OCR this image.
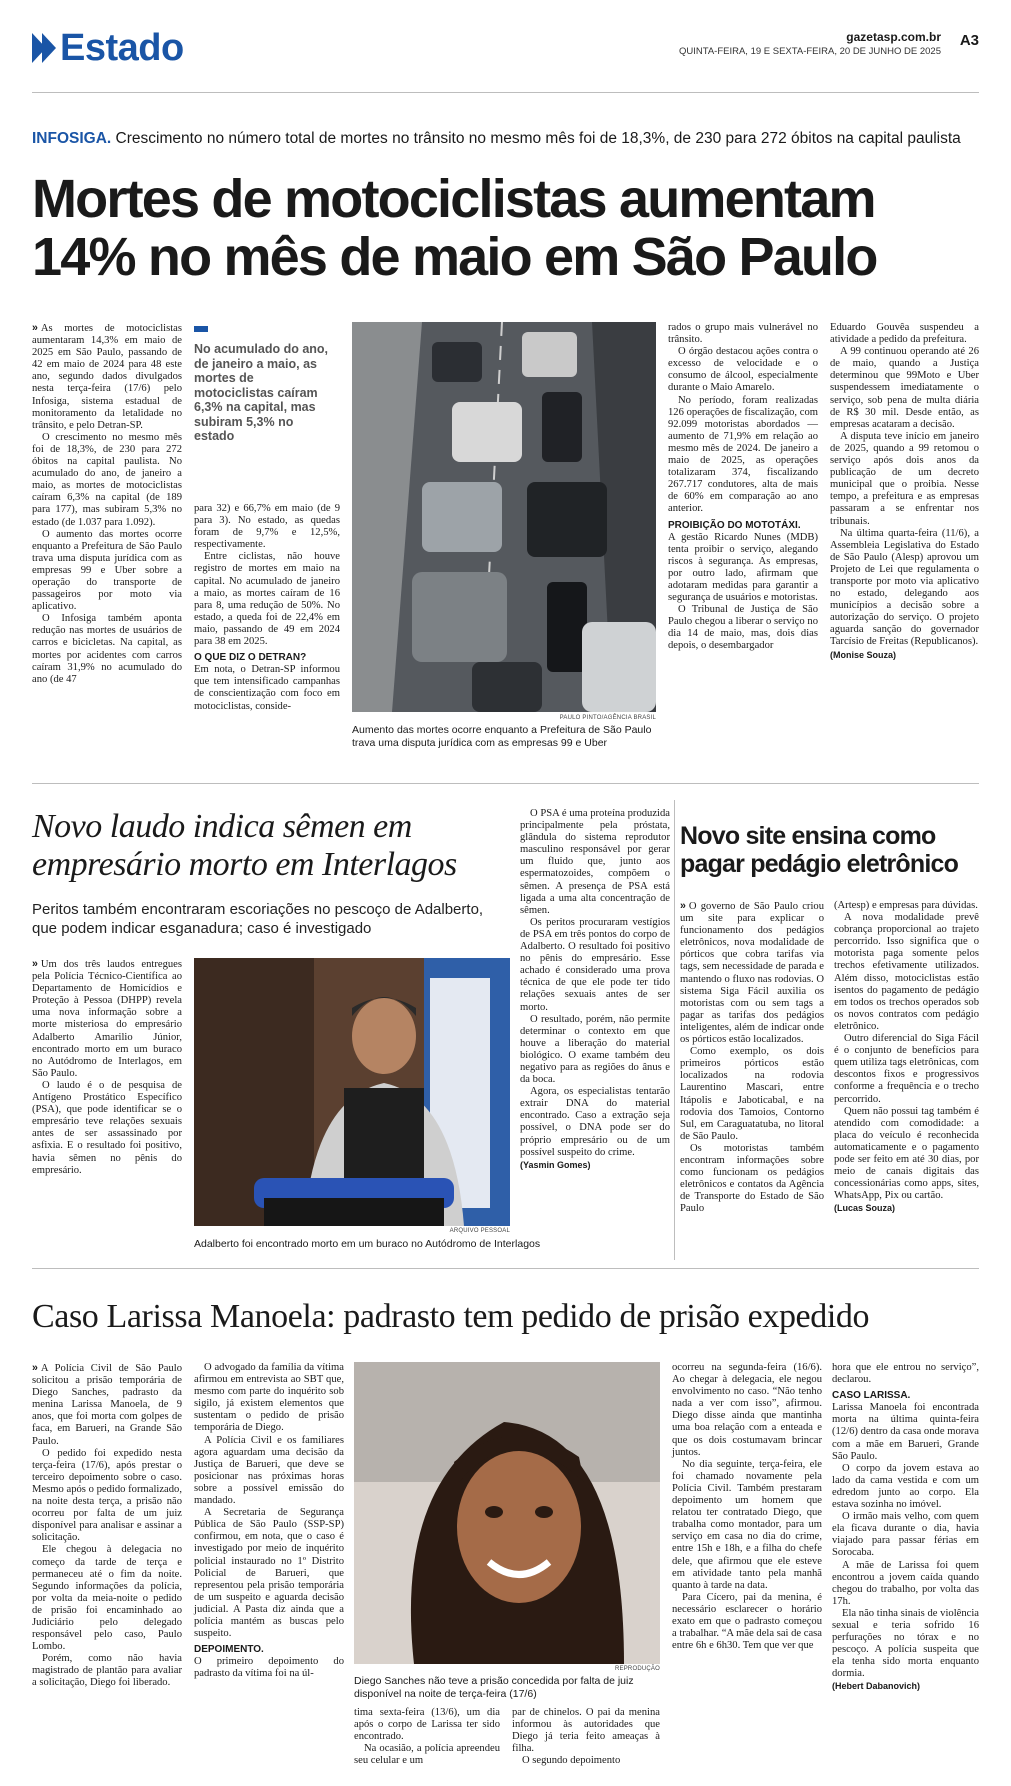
Estado	gazetasp.com.br
QUINTA-FEIRA, 19 E SEXTA-FEIRA, 20 DE JUNHO DE 2025
A3
INFOSIGA. Crescimento no número total de mortes no trânsito no mesmo mês foi de 18,3%, de 230 para 272 óbitos na capital paulista
Mortes de motociclistas aumentam
14% no mês de maio em São Paulo

» As mortes de motociclistas aumentaram 14,3% em maio de 2025 em São Paulo, passando de 42 em maio de 2024 para 48 este ano, segundo dados divulgados nesta terça-feira (17/6) pelo Infosiga, sistema estadual de monitoramento da letalidade no trânsito, e pelo Detran-SP.

O crescimento no mesmo mês foi de 18,3%, de 230 para 272 óbitos na capital paulista. No acumulado do ano, de janeiro a maio, as mortes de motociclistas caíram 6,3% na capital (de 189 para 177), mas subiram 5,3% no estado (de 1.037 para 1.092).

O aumento das mortes ocorre enquanto a Prefeitura de São Paulo trava uma disputa jurídica com as empresas 99 e Uber sobre a operação do transporte de passageiros por moto via aplicativo.

O Infosiga também aponta redução nas mortes de usuários de carros e bicicletas. Na capital, as mortes por acidentes com carros caíram 31,9% no acumulado do ano (de 47

No acumulado do ano, de janeiro a maio, as mortes de motociclistas caíram 6,3% na capital, mas subiram 5,3% no estado

para 32) e 66,7% em maio (de 9 para 3). No estado, as quedas foram de 9,7% e 12,5%, respectivamente.

Entre ciclistas, não houve registro de mortes em maio na capital. No acumulado de janeiro a maio, as mortes caíram de 16 para 8, uma redução de 50%. No estado, a queda foi de 22,4% em maio, passando de 49 em 2024 para 38 em 2025.

O QUE DIZ O DETRAN?

Em nota, o Detran-SP informou que tem intensificado campanhas de conscientização com foco em motociclistas, conside-

PAULO PINTO/AGÊNCIA BRASIL
Aumento das mortes ocorre enquanto a Prefeitura de São Paulo trava uma disputa jurídica com as empresas 99 e Uber

rados o grupo mais vulnerável no trânsito.

O órgão destacou ações contra o excesso de velocidade e o consumo de álcool, especialmente durante o Maio Amarelo.

No período, foram realizadas 126 operações de fiscalização, com 92.099 motoristas abordados — aumento de 71,9% em relação ao mesmo mês de 2024. De janeiro a maio de 2025, as operações totalizaram 374, fiscalizando 267.717 condutores, alta de mais de 60% em comparação ao ano anterior.

PROIBIÇÃO DO MOTOTÁXI.

A gestão Ricardo Nunes (MDB) tenta proibir o serviço, alegando riscos à segurança. As empresas, por outro lado, afirmam que adotaram medidas para garantir a segurança de usuários e motoristas.

O Tribunal de Justiça de São Paulo chegou a liberar o serviço no dia 14 de maio, mas, dois dias depois, o desembargador

Eduardo Gouvêa suspendeu a atividade a pedido da prefeitura.

A 99 continuou operando até 26 de maio, quando a Justiça determinou que 99Moto e Uber suspendessem imediatamente o serviço, sob pena de multa diária de R$ 30 mil. Desde então, as empresas acataram a decisão.

A disputa teve início em janeiro de 2025, quando a 99 retomou o serviço após dois anos da publicação de um decreto municipal que o proibia. Nesse tempo, a prefeitura e as empresas passaram a se enfrentar nos tribunais.

Na última quarta-feira (11/6), a Assembleia Legislativa do Estado de São Paulo (Alesp) aprovou um Projeto de Lei que regulamenta o transporte por moto via aplicativo no estado, delegando aos municípios a decisão sobre a autorização do serviço. O projeto aguarda sanção do governador Tarcísio de Freitas (Republicanos).

(Monise Souza)

Novo laudo indica sêmen em
empresário morto em Interlagos
Peritos também encontraram escoriações no pescoço de Adalberto, que podem indicar esganadura; caso é investigado

» Um dos três laudos entregues pela Polícia Técnico-Científica ao Departamento de Homicídios e Proteção à Pessoa (DHPP) revela uma nova informação sobre a morte misteriosa do empresário Adalberto Amarilio Júnior, encontrado morto em um buraco no Autódromo de Interlagos, em São Paulo.

O laudo é o de pesquisa de Antígeno Prostático Específico (PSA), que pode identificar se o empresário teve relações sexuais antes de ser assassinado por asfixia. E o resultado foi positivo, havia sêmen no pênis do empresário.

ARQUIVO PESSOAL
Adalberto foi encontrado morto em um buraco no Autódromo de Interlagos

O PSA é uma proteína produzida principalmente pela próstata, glândula do sistema reprodutor masculino responsável por gerar um fluido que, junto aos espermatozoides, compõem o sêmen. A presença de PSA está ligada a uma alta concentração de sêmen.

Os peritos procuraram vestígios de PSA em três pontos do corpo de Adalberto. O resultado foi positivo no pênis do empresário. Esse achado é considerado uma prova técnica de que ele pode ter tido relações sexuais antes de ser morto.

O resultado, porém, não permite determinar o contexto em que houve a liberação do material biológico. O exame também deu negativo para as regiões do ânus e da boca.

Agora, os especialistas tentarão extrair DNA do material encontrado. Caso a extração seja possível, o DNA pode ser do próprio empresário ou de um possível suspeito do crime.

(Yasmin Gomes)

Novo site ensina como
pagar pedágio eletrônico

» O governo de São Paulo criou um site para explicar o funcionamento dos pedágios eletrônicos, nova modalidade de pórticos que cobra tarifas via tags, sem necessidade de parada e mantendo o fluxo nas rodovias. O sistema Siga Fácil auxilia os motoristas com ou sem tags a pagar as tarifas dos pedágios inteligentes, além de indicar onde os pórticos estão localizados.

Como exemplo, os dois primeiros pórticos estão localizados na rodovia Laurentino Mascari, entre Itápolis e Jaboticabal, e na rodovia dos Tamoios, Contorno Sul, em Caraguatatuba, no litoral de São Paulo.

Os motoristas também encontram informações sobre como funcionam os pedágios eletrônicos e contatos da Agência de Transporte do Estado de São Paulo

(Artesp) e empresas para dúvidas.

A nova modalidade prevê cobrança proporcional ao trajeto percorrido. Isso significa que o motorista paga somente pelos trechos efetivamente utilizados. Além disso, motociclistas estão isentos do pagamento de pedágio em todos os trechos operados sob os novos contratos com pedágio eletrônico.

Outro diferencial do Siga Fácil é o conjunto de benefícios para quem utiliza tags eletrônicas, com descontos fixos e progressivos conforme a frequência e o trecho percorrido.

Quem não possui tag também é atendido com comodidade: a placa do veículo é reconhecida automaticamente e o pagamento pode ser feito em até 30 dias, por meio de canais digitais das concessionárias como apps, sites, WhatsApp, Pix ou cartão.

(Lucas Souza)

Caso Larissa Manoela: padrasto tem pedido de prisão expedido

» A Polícia Civil de São Paulo solicitou a prisão temporária de Diego Sanches, padrasto da menina Larissa Manoela, de 9 anos, que foi morta com golpes de faca, em Barueri, na Grande São Paulo.

O pedido foi expedido nesta terça-feira (17/6), após prestar o terceiro depoimento sobre o caso. Mesmo após o pedido formalizado, na noite desta terça, a prisão não ocorreu por falta de um juiz disponível para analisar e assinar a solicitação.

Ele chegou à delegacia no começo da tarde de terça e permaneceu até o fim da noite. Segundo informações da polícia, por volta da meia-noite o pedido de prisão foi encaminhado ao Judiciário pelo delegado responsável pelo caso, Paulo Lombo.

Porém, como não havia magistrado de plantão para avaliar a solicitação, Diego foi liberado.

O advogado da família da vítima afirmou em entrevista ao SBT que, mesmo com parte do inquérito sob sigilo, já existem elementos que sustentam o pedido de prisão temporária de Diego.

A Polícia Civil e os familiares agora aguardam uma decisão da Justiça de Barueri, que deve se posicionar nas próximas horas sobre a possível emissão do mandado.

A Secretaria de Segurança Pública de São Paulo (SSP-SP) confirmou, em nota, que o caso é investigado por meio de inquérito policial instaurado no 1º Distrito Policial de Barueri, que representou pela prisão temporária de um suspeito e aguarda decisão judicial. A Pasta diz ainda que a polícia mantém as buscas pelo suspeito.

DEPOIMENTO.

O primeiro depoimento do padrasto da vítima foi na úl-	REPRODUÇÃO
Diego Sanches não teve a prisão concedida por falta de juiz disponível na noite de terça-feira (17/6)

tima sexta-feira (13/6), um dia após o corpo de Larissa ter sido encontrado.

Na ocasião, a polícia apreendeu seu celular e um

par de chinelos. O pai da menina informou às autoridades que Diego já teria feito ameaças à filha.

O segundo depoimento

ocorreu na segunda-feira (16/6). Ao chegar à delegacia, ele negou envolvimento no caso. “Não tenho nada a ver com isso”, afirmou. Diego disse ainda que mantinha uma boa relação com a enteada e que os dois costumavam brincar juntos.

No dia seguinte, terça-feira, ele foi chamado novamente pela Polícia Civil. Também prestaram depoimento um homem que relatou ter contratado Diego, que trabalha como montador, para um serviço em casa no dia do crime, entre 15h e 18h, e a filha do chefe dele, que afirmou que ele esteve em atividade tanto pela manhã quanto à tarde na data.

Para Cícero, pai da menina, é necessário esclarecer o horário exato em que o padrasto começou a trabalhar. “A mãe dela sai de casa entre 6h e 6h30. Tem que ver que

hora que ele entrou no serviço”, declarou.

CASO LARISSA.

Larissa Manoela foi encontrada morta na última quinta-feira (12/6) dentro da casa onde morava com a mãe em Barueri, Grande São Paulo.

O corpo da jovem estava ao lado da cama vestida e com um edredom junto ao corpo. Ela estava sozinha no imóvel.

O irmão mais velho, com quem ela ficava durante o dia, havia viajado para passar férias em Sorocaba.

A mãe de Larissa foi quem encontrou a jovem caída quando chegou do trabalho, por volta das 17h.

Ela não tinha sinais de violência sexual e teria sofrido 16 perfurações no tórax e no pescoço. A polícia suspeita que ela tenha sido morta enquanto dormia.

(Hebert Dabanovich)
